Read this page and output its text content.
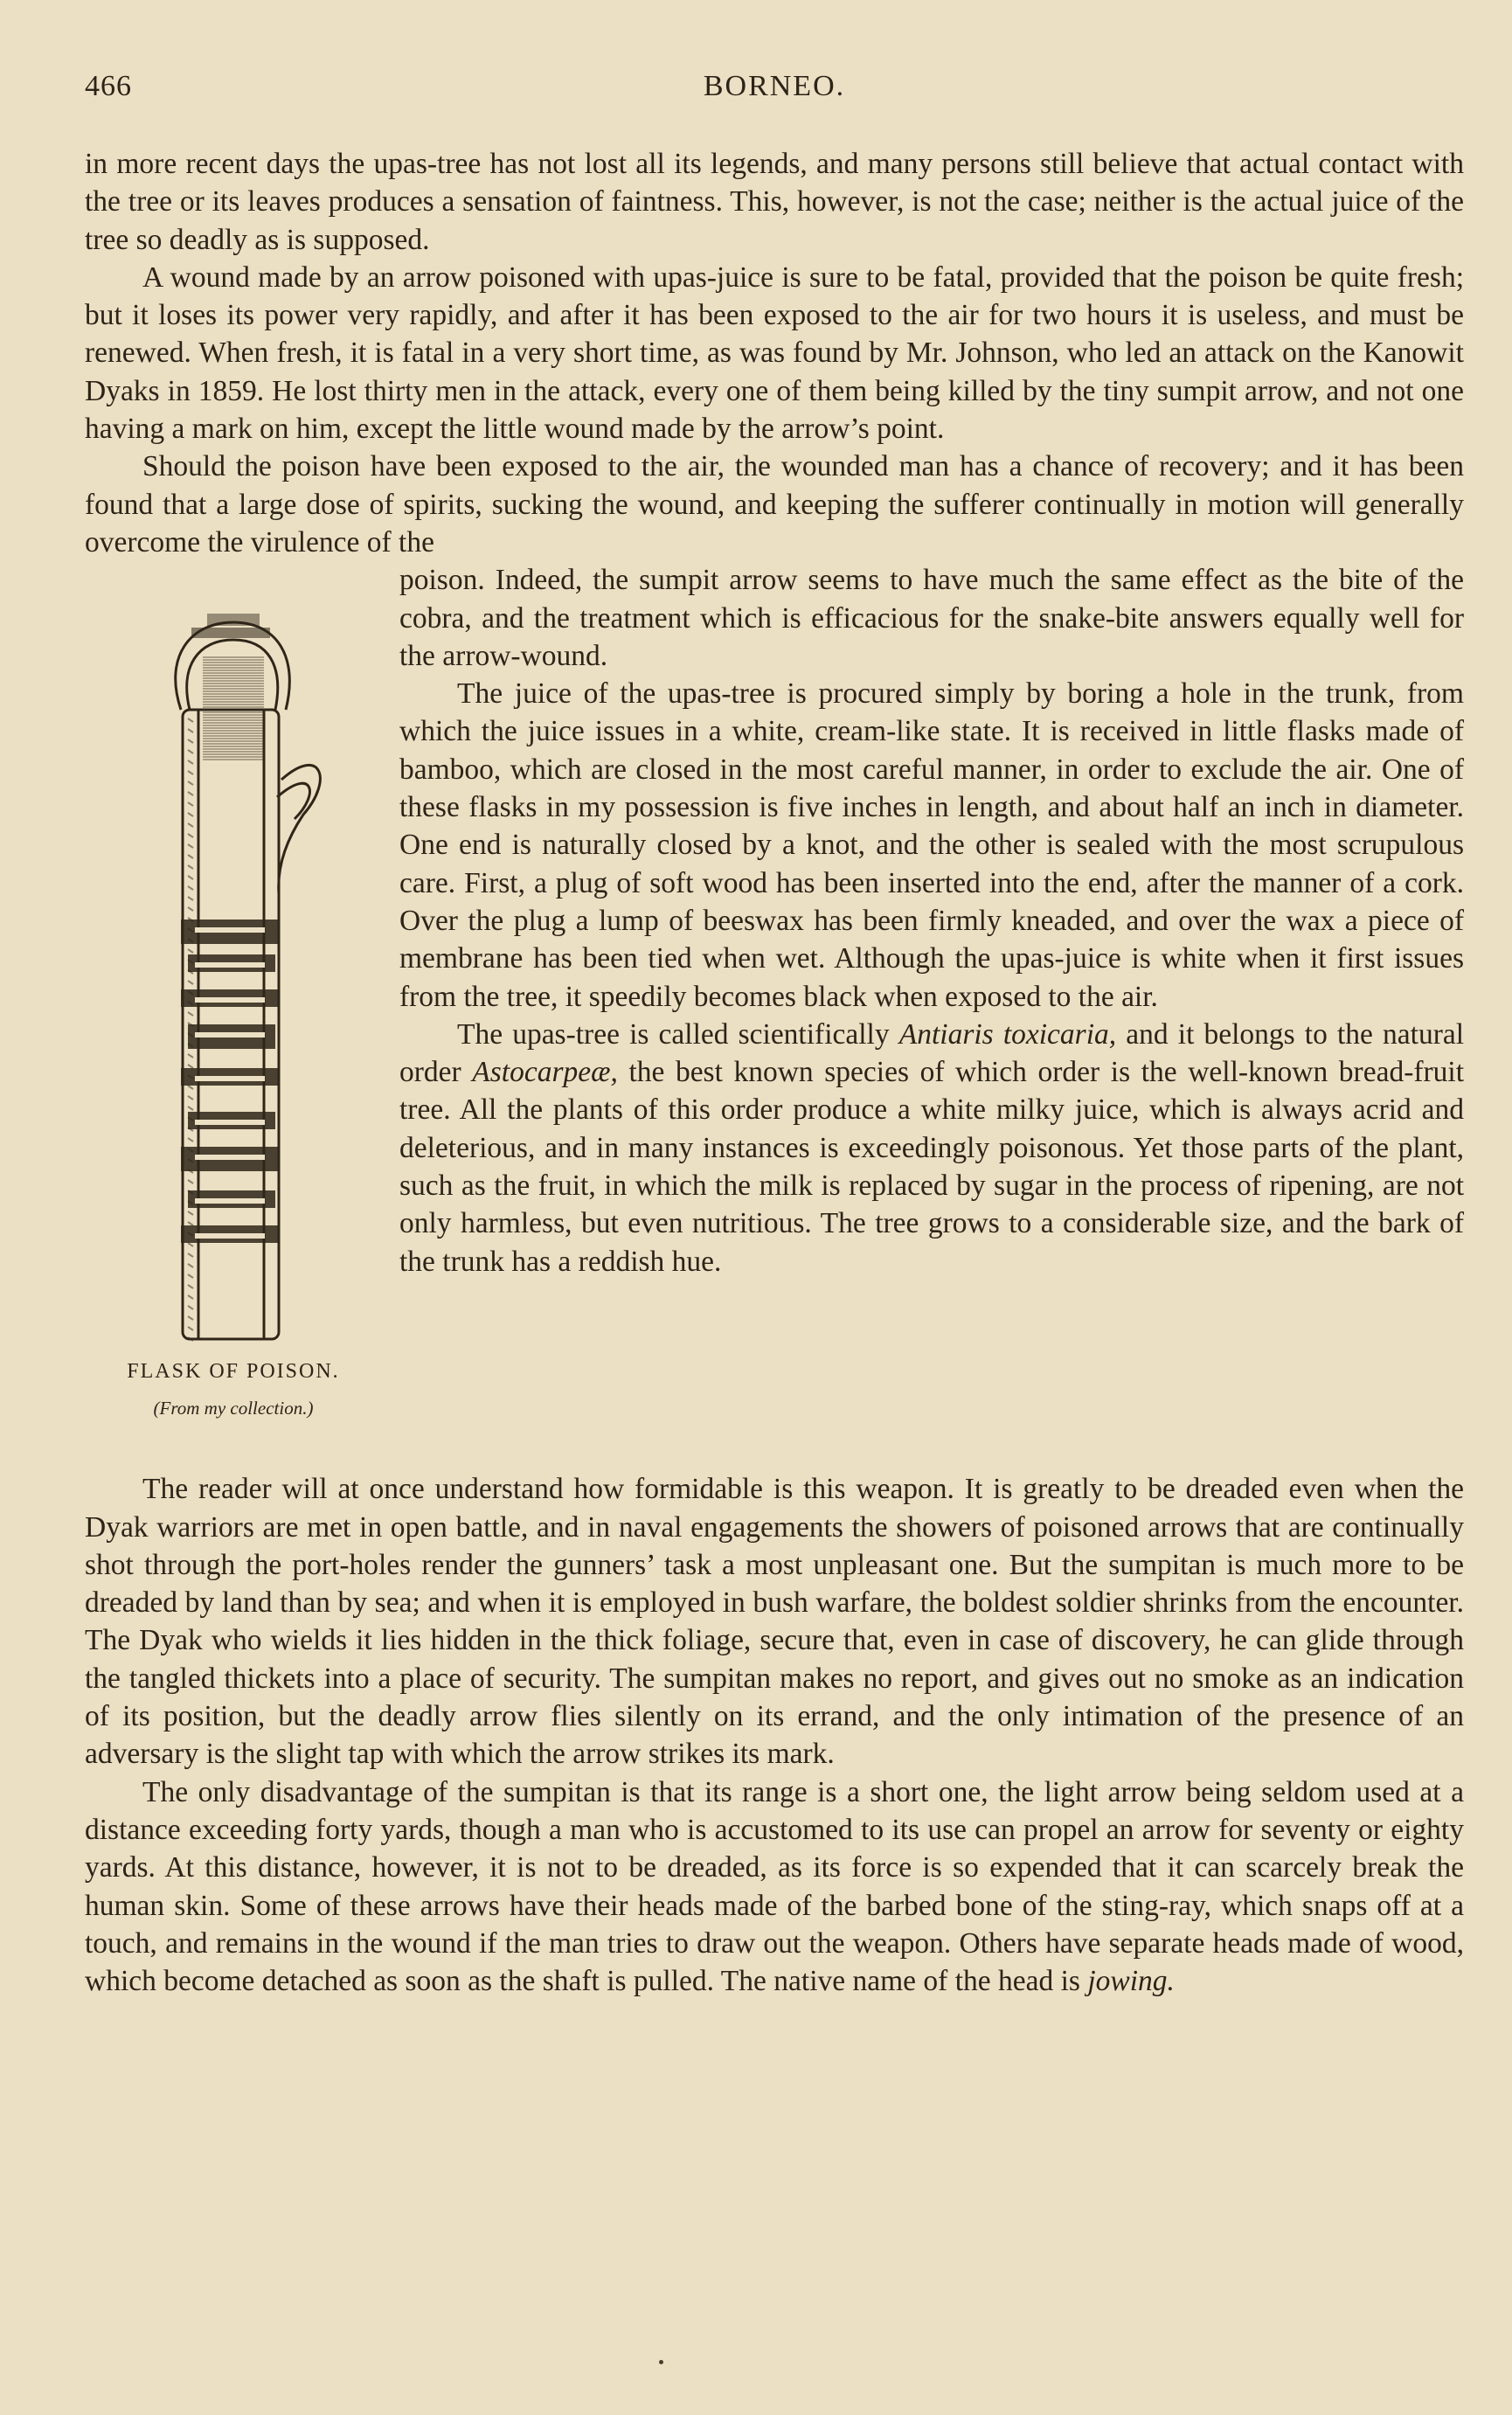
466	BORNEO.

in more recent days the upas-tree has not lost all its legends, and many persons still believe that actual contact with the tree or its leaves produces a sensation of faintness. This, however, is not the case; neither is the actual juice of the tree so deadly as is supposed.

A wound made by an arrow poisoned with upas-juice is sure to be fatal, provided that the poison be quite fresh; but it loses its power very rapidly, and after it has been exposed to the air for two hours it is useless, and must be renewed. When fresh, it is fatal in a very short time, as was found by Mr. Johnson, who led an attack on the Kanowit Dyaks in 1859. He lost thirty men in the attack, every one of them being killed by the tiny sumpit arrow, and not one having a mark on him, except the little wound made by the arrow’s point.

Should the poison have been exposed to the air, the wounded man has a chance of recovery; and it has been found that a large dose of spirits, sucking the wound, and keeping the sufferer continually in motion will generally overcome the virulence of the

FLASK OF POISON.
(From my collection.)

poison. Indeed, the sumpit arrow seems to have much the same effect as the bite of the cobra, and the treatment which is efficacious for the snake-bite answers equally well for the arrow-wound.

The juice of the upas-tree is procured simply by boring a hole in the trunk, from which the juice issues in a white, cream-like state. It is received in little flasks made of bamboo, which are closed in the most careful manner, in order to exclude the air. One of these flasks in my possession is five inches in length, and about half an inch in diameter. One end is naturally closed by a knot, and the other is sealed with the most scrupulous care. First, a plug of soft wood has been inserted into the end, after the manner of a cork. Over the plug a lump of beeswax has been firmly kneaded, and over the wax a piece of membrane has been tied when wet. Although the upas-juice is white when it first issues from the tree, it speedily becomes black when exposed to the air.

The upas-tree is called scientifically Antiaris toxicaria, and it belongs to the natural order Astocarpeæ, the best known species of which order is the well-known bread-fruit tree. All the plants of this order produce a white milky juice, which is always acrid and deleterious, and in many instances is exceedingly poisonous. Yet those parts of the plant, such as the fruit, in which the milk is replaced by sugar in the process of ripening, are not only harmless, but even nutritious. The tree grows to a considerable size, and the bark of the trunk has a reddish hue.

The reader will at once understand how formidable is this weapon. It is greatly to be dreaded even when the Dyak warriors are met in open battle, and in naval engagements the showers of poisoned arrows that are continually shot through the port-holes render the gunners’ task a most unpleasant one. But the sumpitan is much more to be dreaded by land than by sea; and when it is employed in bush warfare, the boldest soldier shrinks from the encounter. The Dyak who wields it lies hidden in the thick foliage, secure that, even in case of discovery, he can glide through the tangled thickets into a place of security. The sumpitan makes no report, and gives out no smoke as an indication of its position, but the deadly arrow flies silently on its errand, and the only intimation of the presence of an adversary is the slight tap with which the arrow strikes its mark.

The only disadvantage of the sumpitan is that its range is a short one, the light arrow being seldom used at a distance exceeding forty yards, though a man who is accustomed to its use can propel an arrow for seventy or eighty yards. At this distance, however, it is not to be dreaded, as its force is so expended that it can scarcely break the human skin. Some of these arrows have their heads made of the barbed bone of the sting-ray, which snaps off at a touch, and remains in the wound if the man tries to draw out the weapon. Others have separate heads made of wood, which become detached as soon as the shaft is pulled. The native name of the head is jowing.
